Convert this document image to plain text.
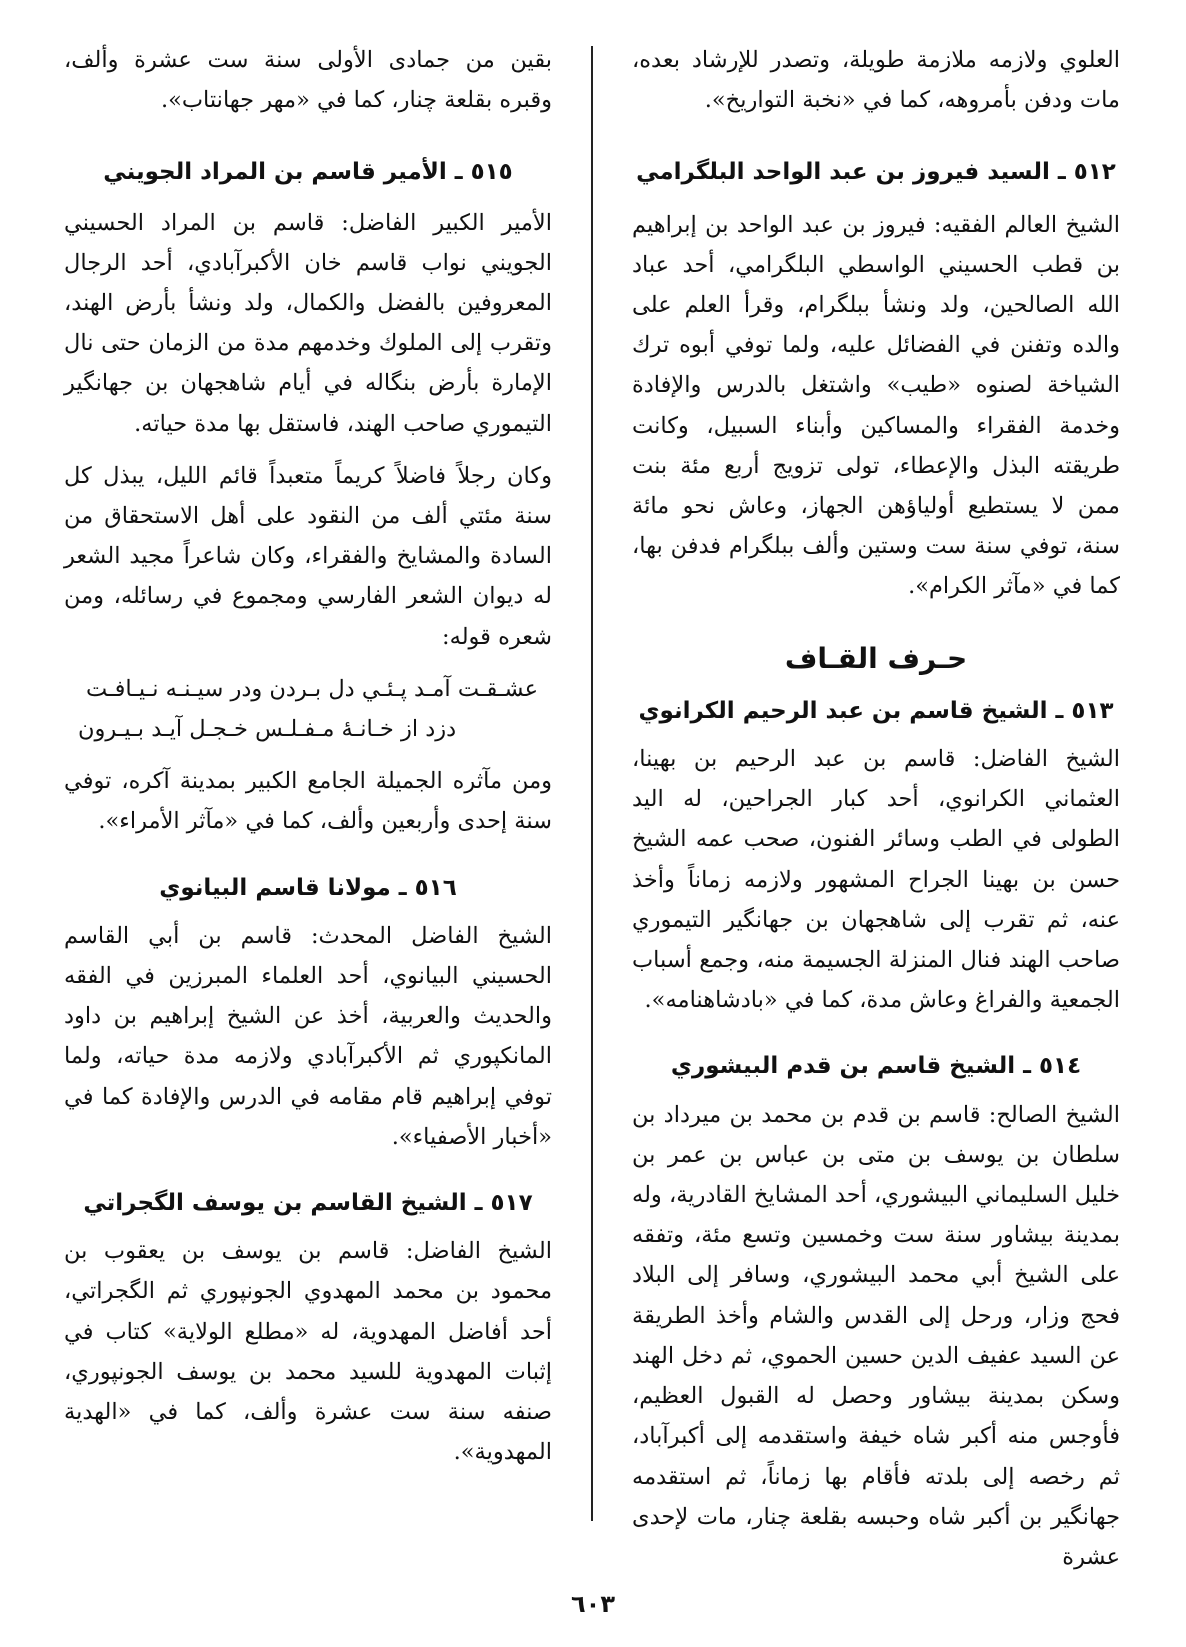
العلوي ولازمه ملازمة طويلة، وتصدر للإرشاد بعده، مات ودفن بأمروهه، كما في «نخبة التواريخ».

٥١٢ ـ السيد فيروز بن عبد الواحد البلگرامي

الشيخ العالم الفقيه: فيروز بن عبد الواحد بن إبراهيم بن قطب الحسيني الواسطي البلگرامي، أحد عباد الله الصالحين، ولد ونشأ ببلگرام، وقرأ العلم على والده وتفنن في الفضائل عليه، ولما توفي أبوه ترك الشياخة لصنوه «طيب» واشتغل بالدرس والإفادة وخدمة الفقراء والمساكين وأبناء السبيل، وكانت طريقته البذل والإعطاء، تولى تزويج أربع مئة بنت ممن لا يستطيع أولياؤهن الجهاز، وعاش نحو مائة سنة، توفي سنة ست وستين وألف ببلگرام فدفن بها، كما في «مآثر الكرام».

حـرف القـاف

٥١٣ ـ الشيخ قاسم بن عبد الرحيم الكرانوي

الشيخ الفاضل: قاسم بن عبد الرحيم بن بهينا، العثماني الكرانوي، أحد كبار الجراحين، له اليد الطولى في الطب وسائر الفنون، صحب عمه الشيخ حسن بن بهينا الجراح المشهور ولازمه زماناً وأخذ عنه، ثم تقرب إلى شاهجهان بن جهانگير التيموري صاحب الهند فنال المنزلة الجسيمة منه، وجمع أسباب الجمعية والفراغ وعاش مدة، كما في «بادشاهنامه».

٥١٤ ـ الشيخ قاسم بن قدم البيشوري

الشيخ الصالح: قاسم بن قدم بن محمد بن ميرداد بن سلطان بن يوسف بن متى بن عباس بن عمر بن خليل السليماني البيشوري، أحد المشايخ القادرية، وله بمدينة بيشاور سنة ست وخمسين وتسع مئة، وتفقه على الشيخ أبي محمد البيشوري، وسافر إلى البلاد فحج وزار، ورحل إلى القدس والشام وأخذ الطريقة عن السيد عفيف الدين حسين الحموي، ثم دخل الهند وسكن بمدينة بيشاور وحصل له القبول العظيم، فأوجس منه أكبر شاه خيفة واستقدمه إلى أكبرآباد، ثم رخصه إلى بلدته فأقام بها زماناً، ثم استقدمه جهانگير بن أكبر شاه وحبسه بقلعة چنار، مات لإحدى عشرة

بقين من جمادى الأولى سنة ست عشرة وألف، وقبره بقلعة چنار، كما في «مهر جهانتاب».

٥١٥ ـ الأمير قاسم بن المراد الجويني

الأمير الكبير الفاضل: قاسم بن المراد الحسيني الجويني نواب قاسم خان الأكبرآبادي، أحد الرجال المعروفين بالفضل والكمال، ولد ونشأ بأرض الهند، وتقرب إلى الملوك وخدمهم مدة من الزمان حتى نال الإمارة بأرض بنگاله في أيام شاهجهان بن جهانگير التيموري صاحب الهند، فاستقل بها مدة حياته.

وكان رجلاً فاضلاً كريماً متعبداً قائم الليل، يبذل كل سنة مئتي ألف من النقود على أهل الاستحقاق من السادة والمشايخ والفقراء، وكان شاعراً مجيد الشعر له ديوان الشعر الفارسي ومجموع في رسائله، ومن شعره قوله:

عشـقـت آمـد پـئـي دل بـردن ودر سيـنـه نـيـافـت
دزد از خـانـهٔ مـفـلـس خـجـل آيـد بـيـرون

ومن مآثره الجميلة الجامع الكبير بمدينة آكره، توفي سنة إحدى وأربعين وألف، كما في «مآثر الأمراء».

٥١٦ ـ مولانا قاسم البيانوي

الشيخ الفاضل المحدث: قاسم بن أبي القاسم الحسيني البيانوي، أحد العلماء المبرزين في الفقه والحديث والعربية، أخذ عن الشيخ إبراهيم بن داود المانكپوري ثم الأكبرآبادي ولازمه مدة حياته، ولما توفي إبراهيم قام مقامه في الدرس والإفادة كما في «أخبار الأصفياء».

٥١٧ ـ الشيخ القاسم بن يوسف الگجراتي

الشيخ الفاضل: قاسم بن يوسف بن يعقوب بن محمود بن محمد المهدوي الجونپوري ثم الگجراتي، أحد أفاضل المهدوية، له «مطلع الولاية» كتاب في إثبات المهدوية للسيد محمد بن يوسف الجونپوري، صنفه سنة ست عشرة وألف، كما في «الهدية المهدوية».

٦٠٣
